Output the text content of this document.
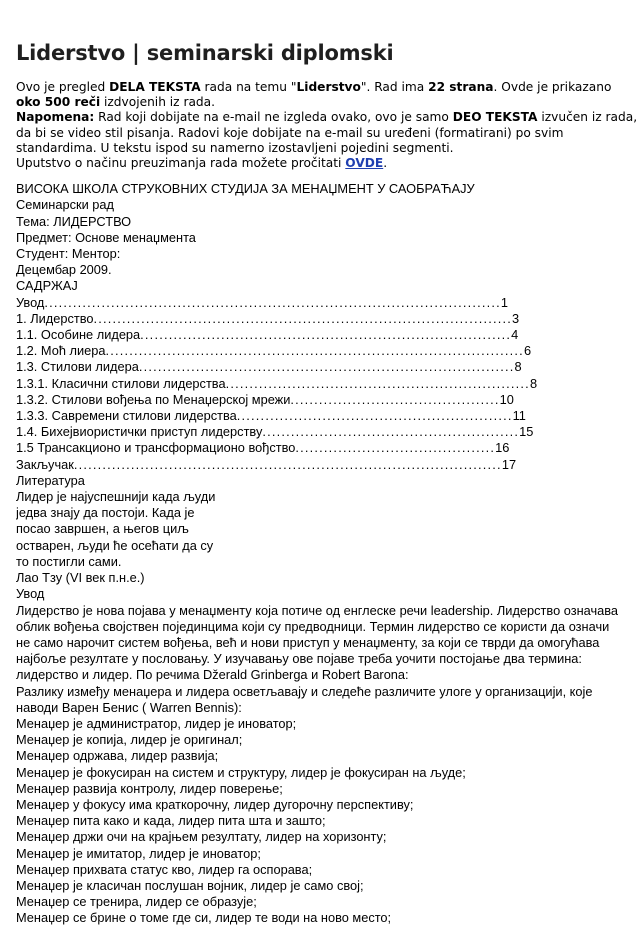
Liderstvo | seminarski diplomski
Ovo je pregled DELA TEKSTA rada na temu "Liderstvo". Rad ima 22 strana. Ovde je prikazano oko 500 reči izdvojenih iz rada.
Napomena: Rad koji dobijate na e-mail ne izgleda ovako, ovo je samo DEO TEKSTA izvučen iz rada, da bi se video stil pisanja. Radovi koje dobijate na e-mail su uređeni (formatirani) po svim standardima. U tekstu ispod su namerno izostavljeni pojedini segmenti.
Uputstvo o načinu preuzimanja rada možete pročitati OVDE.
ВИСОКА ШКОЛА СТРУКОВНИХ СТУДИЈА ЗА МЕНАЏМЕНТ У САОБРАЋАЈУ
Семинарски рад
Тема: ЛИДЕРСТВО
Предмет: Основе менаџмента
Студент: Ментор:
Децембар 2009.
САДРЖАЈ
Увод ................................................................................................ 1
1. Лидерство ........................................................................................ 3
1.1. Особине лидера .............................................................................. 4
1.2. Моћ лиера ........................................................................................ 6
1.3. Стилови лидера ............................................................................... 8
1.3.1. Класични стилови лидерства ................................................................ 8
1.3.2. Стилови вођења по Менаџерској мрежи ............................................ 10
1.3.3. Савремени стилови лидерства .......................................................... 11
1.4. Бихејвиористички приступ лидерству ...................................................... 15
1.5 Трансакционо и трансформационо вођство .......................................... 16
Закључак .......................................................................................... 17
Литература
Лидер је најуспешнији када људи
једва знају да постоји. Када је
посао завршен, а његов циљ
остварен, људи ће осећати да су
то постигли сами.
Лао Тзу (VI век п.н.е.)
Увод
Лидерство је нова појава у менаџменту која потиче од енглеске речи leadership. Лидерство означава
облик вођења својствен појединцима који су предводници. Термин лидерство се користи да означи
не само нарочит систем вођења, већ и нови приступ у менаџменту, за који се тврди да омогућава
најбоље резултате у пословању. У изучавању ове појаве треба уочити постојање два термина:
лидерство и лидер. По речима Džerald Grinberga и Robert Barona:
Разлику између менаџера и лидера осветљавају и следеће различите улоге у организацији, које
наводи Варен Бенис ( Warren Bennis):
Менаџер је администратор, лидер је иноватор;
Менаџер је копија, лидер је оригинал;
Менаџер одржава, лидер развија;
Менаџер је фокусиран на систем и структуру, лидер је фокусиран на људе;
Менаџер развија контролу, лидер поверење;
Менаџер у фокусу има краткорочну, лидер дугорочну перспективу;
Менаџер пита како и када, лидер пита шта и зашто;
Менаџер држи очи на крајњем резултату, лидер на хоризонту;
Менаџер је имитатор, лидер је иноватор;
Менаџер прихвата статус кво, лидер га оспорава;
Менаџер је класичан послушан војник, лидер је само свој;
Менаџер се тренира, лидер се образује;
Менаџер се брине о томе где си, лидер те води на ново место;
